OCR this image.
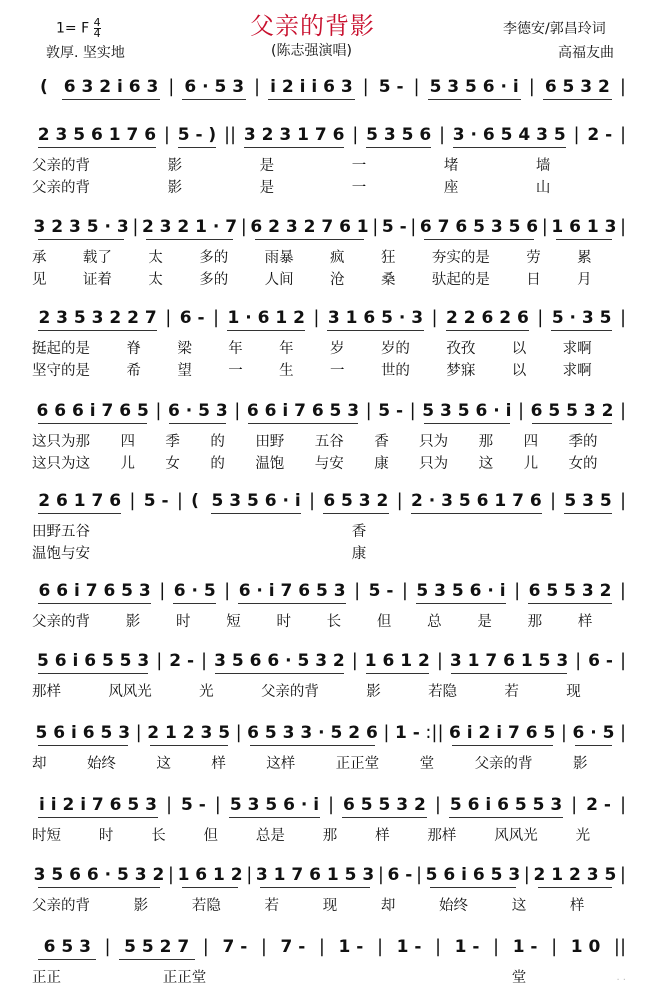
1= F $\frac{4}{4}$	父亲的背影	李德安/郭昌玲词
敦厚. 坚实地	(陈志强演唱)	高福友曲
( 6 3 2 i 6 3 | 6 · 5 3 | i 2 i i 6 3 | 5 - | 5 3 5 6 · i | 6 5 3 2 |
2 3 5 6 1 7 6 | 5 - ) || 3 2 3 1 7 6 | 5 3 5 6 | 3 · 6 5 4 3 5 | 2 - |
父亲的背	影	是	一	堵	墙
父亲的背	影	是	一	座	山
3 2 3 5 · 3 | 2 3 2 1 · 7 | 6 2 3 2 7 6 1 | 5 - | 6 7 6 5 3 5 6 | 1 6 1 3 |
承	载了	太	多的	雨暴	疯	狂	夯实的是	劳	累
见	证着	太	多的	人间	沧	桑	驮起的是	日	月
2 3 5 3 2 2 7 | 6 - | 1 · 6 1 2 | 3 1 6 5 · 3 | 2 2 6 2 6 | 5 · 3 5 |
挺起的是	脊	梁	年	年	岁	岁的	孜孜	以	求啊
坚守的是	希	望	一	生	一	世的	梦寐	以	求啊
6 6 6 i 7 6 5 | 6 · 5 3 | 6 6 i 7 6 5 3 | 5 - | 5 3 5 6 · i | 6 5 5 3 2 |
这只为那	四	季	的	田野	五谷	香	只为	那	四	季的
这只为这	儿	女	的	温饱	与安	康	只为	这	儿	女的
2 6 1 7 6 | 5 - | ( 5 3 5 6 · i | 6 5 3 2 | 2 · 3 5 6 1 7 6 | 5 3 5 |
田野五谷	香
温饱与安	康
6 6 i 7 6 5 3 | 6 · 5 | 6 · i 7 6 5 3 | 5 - | 5 3 5 6 · i | 6 5 5 3 2 |
父亲的背	影	时	短	时	长	但	总	是	那	样
5 6 i 6 5 5 3 | 2 - | 3 5 6 6 · 5 3 2 | 1 6 1 2 | 3 1 7 6 1 5 3 | 6 - |
那样	风风光	光	父亲的背	影	若隐	若	现
5 6 i 6 5 3 | 2 1 2 3 5 | 6 5 3 3 · 5 2 6 | 1 - :|| 6 i 2 i 7 6 5 | 6 · 5 |
却	始终	这	样	这样	正正堂	堂	父亲的背	影
i i 2 i 7 6 5 3 | 5 - | 5 3 5 6 · i | 6 5 5 3 2 | 5 6 i 6 5 5 3 | 2 - |
时短	时	长	但	总是	那	样	那样	风风光	光
3 5 6 6 · 5 3 2 | 1 6 1 2 | 3 1 7 6 1 5 3 | 6 - | 5 6 i 6 5 3 | 2 1 2 3 5 |
父亲的背	影	若隐	若	现	却	始终	这	样
6 5 3 | 5 5 2 7 | 7 - | 7 - | 1 - | 1 - | 1 - | 1 - | 1 0 ||
正正	正正堂	堂	· ·
